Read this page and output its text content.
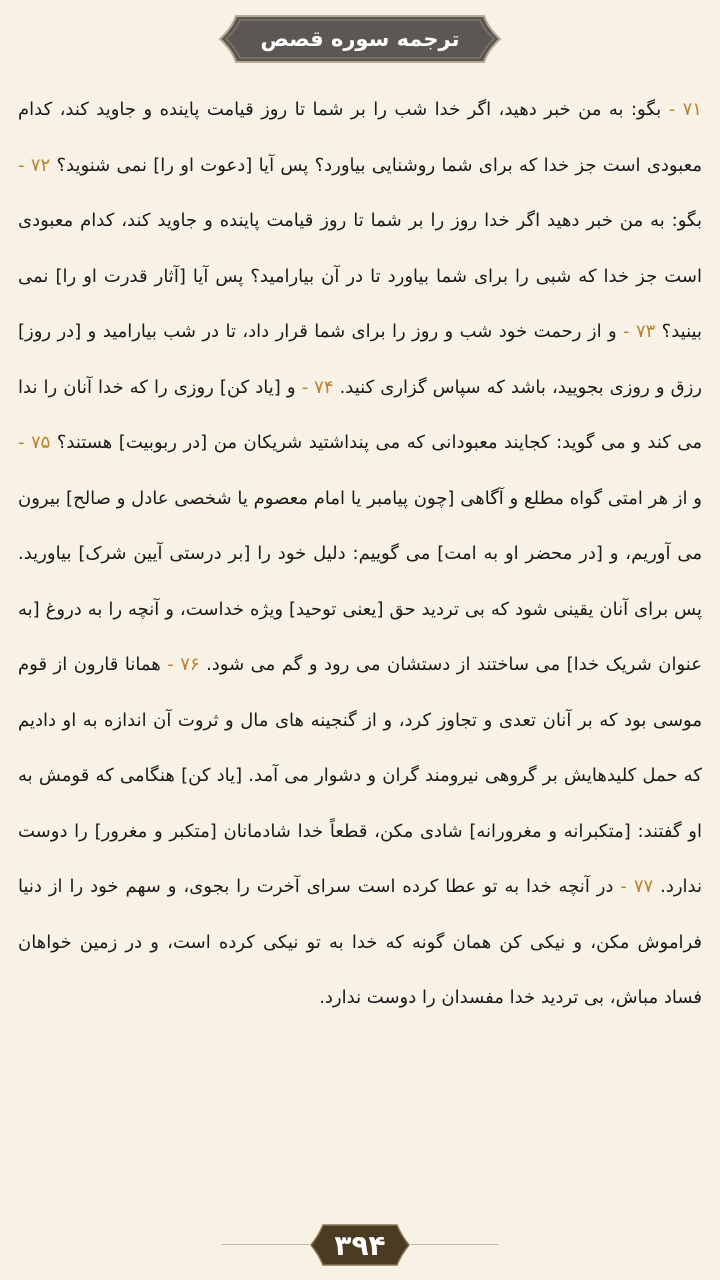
ترجمه سوره قصص

۷۱ - بگو: به من خبر دهید، اگر خدا شب را بر شما تا روز قیامت پاینده و جاوید کند، کدام معبودی است جز خدا که برای شما روشنایی بیاورد؟ پس آیا [دعوت او را] نمی شنوید؟ ۷۲ - بگو: به من خبر دهید اگر خدا روز را بر شما تا روز قیامت پاینده و جاوید کند، کدام معبودی است جز خدا که شبی را برای شما بیاورد تا در آن بیارامید؟ پس آیا [آثار قدرت او را] نمی بینید؟ ۷۳ - و از رحمت خود شب و روز را برای شما قرار داد، تا در شب بیارامید و [در روز] رزق و روزی بجویید، باشد که سپاس گزاری کنید. ۷۴ - و [یاد کن] روزی را که خدا آنان را ندا می کند و می گوید: کجایند معبودانی که می پنداشتید شریکان من [در ربوبیت] هستند؟ ۷۵ - و از هر امتی گواه مطلع و آگاهی [چون پیامبر یا امام معصوم یا شخصی عادل و صالح] بیرون می آوریم، و [در محضر او به امت] می گوییم: دلیل خود را [بر درستی آیین شرک] بیاورید. پس برای آنان یقینی شود که بی تردید حق [یعنی توحید] ویژه خداست، و آنچه را به دروغ [به عنوان شریک خدا] می ساختند از دستشان می رود و گم می شود. ۷۶ - همانا قارون از قوم موسی بود که بر آنان تعدی و تجاوز کرد، و از گنجینه های مال و ثروت آن اندازه به او دادیم که حمل کلیدهایش بر گروهی نیرومند گران و دشوار می آمد. [یاد کن] هنگامی که قومش به او گفتند: [متکبرانه و مغرورانه] شادی مکن، قطعاً خدا شادمانان [متکبر و مغرور] را دوست ندارد. ۷۷ - در آنچه خدا به تو عطا کرده است سرای آخرت را بجوی، و سهم خود را از دنیا فراموش مکن، و نیکی کن همان گونه که خدا به تو نیکی کرده است، و در زمین خواهان فساد مباش، بی تردید خدا مفسدان را دوست ندارد.

۳۹۴
